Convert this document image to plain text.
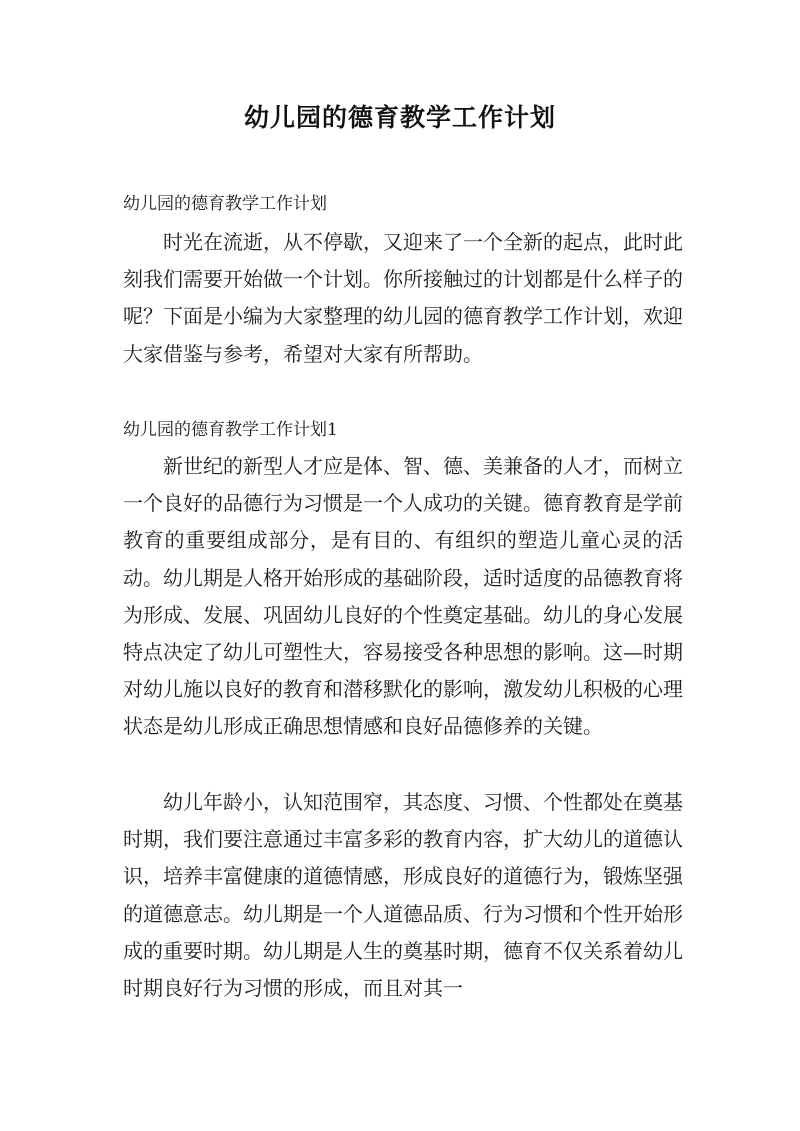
幼儿园的德育教学工作计划
幼儿园的德育教学工作计划

时光在流逝，从不停歇，又迎来了一个全新的起点，此时此刻我们需要开始做一个计划。你所接触过的计划都是什么样子的呢？下面是小编为大家整理的幼儿园的德育教学工作计划，欢迎大家借鉴与参考，希望对大家有所帮助。

幼儿园的德育教学工作计划1

新世纪的新型人才应是体、智、德、美兼备的人才，而树立一个良好的品德行为习惯是一个人成功的关键。德育教育是学前教育的重要组成部分，是有目的、有组织的塑造儿童心灵的活动。幼儿期是人格开始形成的基础阶段，适时适度的品德教育将为形成、发展、巩固幼儿良好的个性奠定基础。幼儿的身心发展特点决定了幼儿可塑性大，容易接受各种思想的影响。这—时期对幼儿施以良好的教育和潜移默化的影响，激发幼儿积极的心理状态是幼儿形成正确思想情感和良好品德修养的关键。

幼儿年龄小，认知范围窄，其态度、习惯、个性都处在奠基时期，我们要注意通过丰富多彩的教育内容，扩大幼儿的道德认识，培养丰富健康的道德情感，形成良好的道德行为，锻炼坚强的道德意志。幼儿期是一个人道德品质、行为习惯和个性开始形成的重要时期。幼儿期是人生的奠基时期，德育不仅关系着幼儿时期良好行为习惯的形成，而且对其一
